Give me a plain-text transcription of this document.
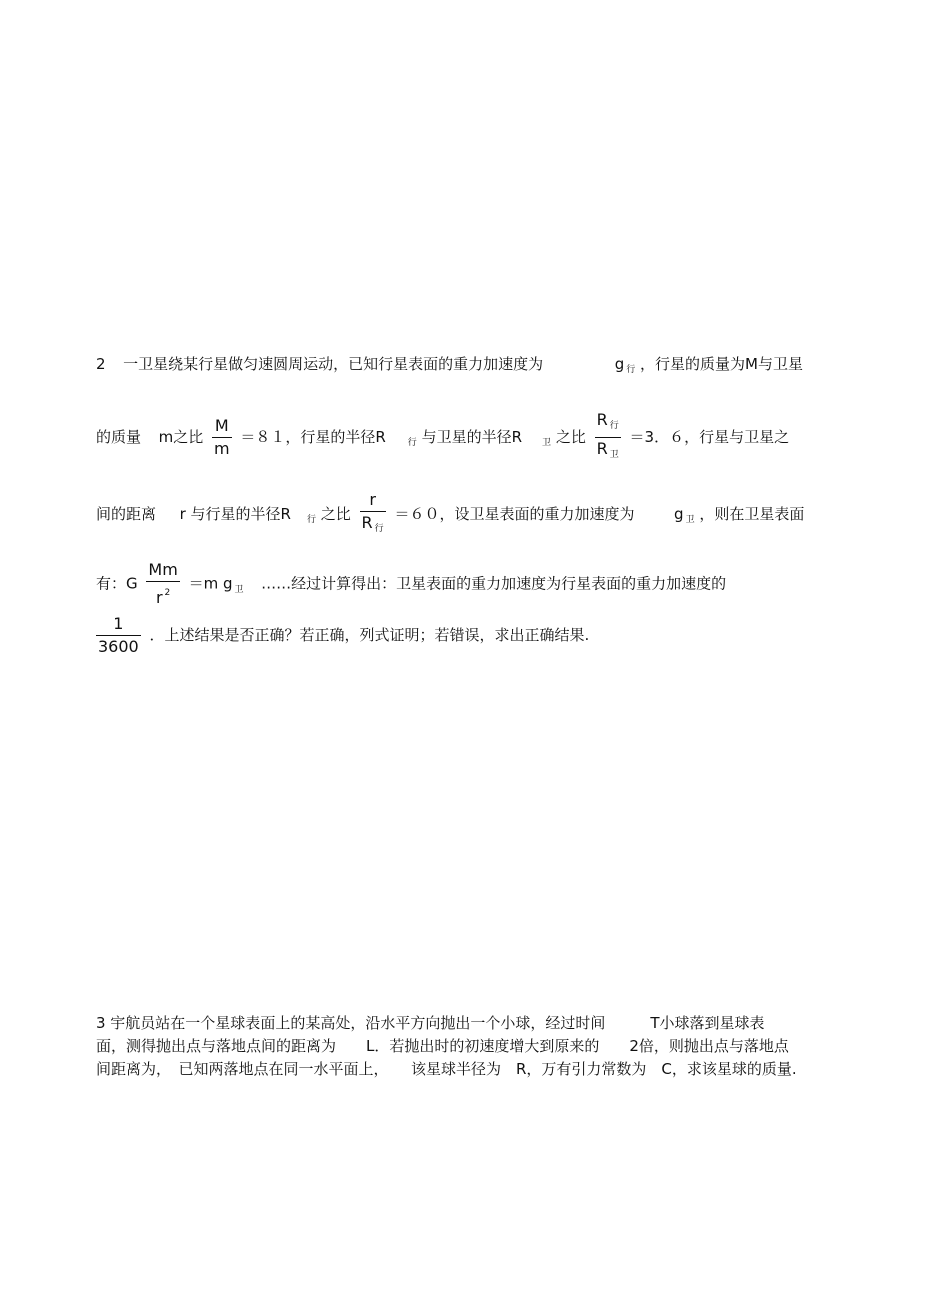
2 一卫星绕某行星做匀速圆周运动，已知行星表面的重力加速度为	g $_行$ ，行星的质量为M与卫星
的质量 m之比 $\frac{M}{m} =81$，行星的半径R $_行$ 与卫星的半径R $_卫$ 之比 $\frac{R _行}{R _卫} =3$．６，行星与卫星之
间的距离 r 与行星的半径R $_行$ 之比 $\frac{r}{R _行} =60$，设卫星表面的重力加速度为	g $_卫$ ，则在卫星表面
有：G $\frac{Mm}{r ^2} =m$ g $_卫$ ……经过计算得出：卫星表面的重力加速度为行星表面的重力加速度的
$\frac{1}{3600}$ ．上述结果是否正确？若正确，列式证明；若错误，求出正确结果.
3 宇航员站在一个星球表面上的某高处，沿水平方向抛出一个小球，经过时间　　　T小球落到星球表
面，测得抛出点与落地点间的距离为　　L．若抛出时的初速度增大到原来的　　2倍，则抛出点与落地点
间距离为，　已知两落地点在同一水平面上，　　该星球半径为　R，万有引力常数为　C，求该星球的质量.
